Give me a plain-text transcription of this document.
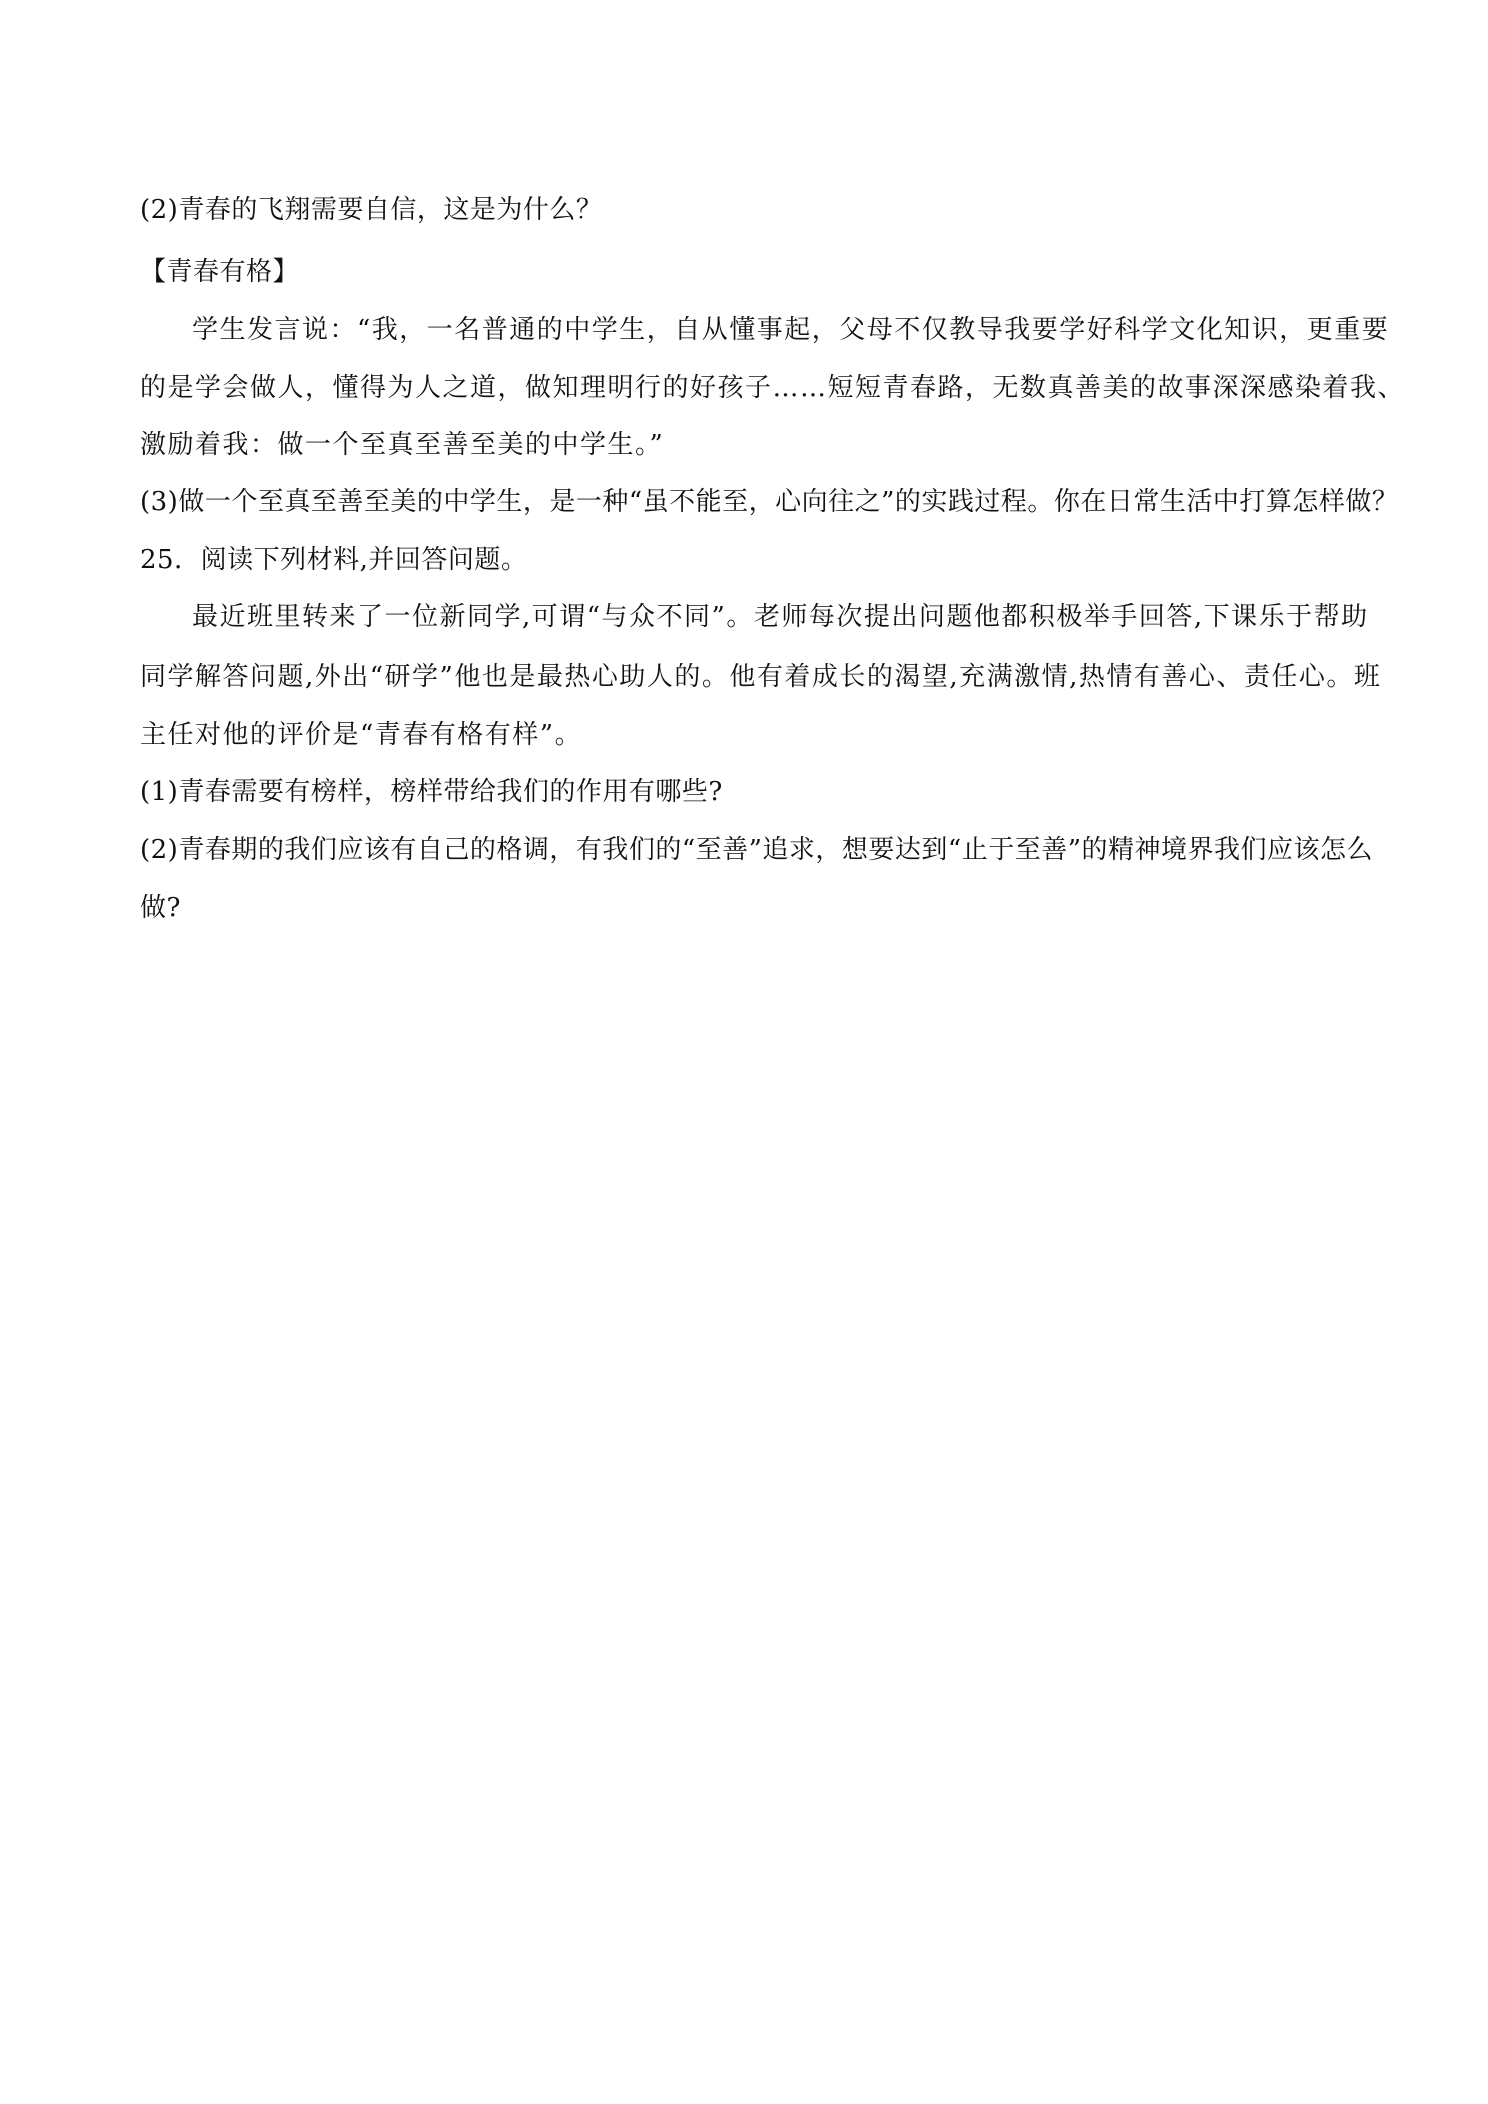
(2)青春的飞翔需要自信，这是为什么？
【青春有格】
学生发言说：“我，一名普通的中学生，自从懂事起，父母不仅教导我要学好科学文化知识，更重要
的是学会做人，懂得为人之道，做知理明行的好孩子……短短青春路，无数真善美的故事深深感染着我、
激励着我：做一个至真至善至美的中学生。”
(3)做一个至真至善至美的中学生，是一种“虽不能至，心向往之”的实践过程。你在日常生活中打算怎样做？
25．阅读下列材料,并回答问题。
最近班里转来了一位新同学,可谓“与众不同”。老师每次提出问题他都积极举手回答,下课乐于帮助
同学解答问题,外出“研学”他也是最热心助人的。他有着成长的渴望,充满激情,热情有善心、责任心。班
主任对他的评价是“青春有格有样”。
(1)青春需要有榜样，榜样带给我们的作用有哪些?
(2)青春期的我们应该有自己的格调，有我们的“至善”追求，想要达到“止于至善”的精神境界我们应该怎么
做?
